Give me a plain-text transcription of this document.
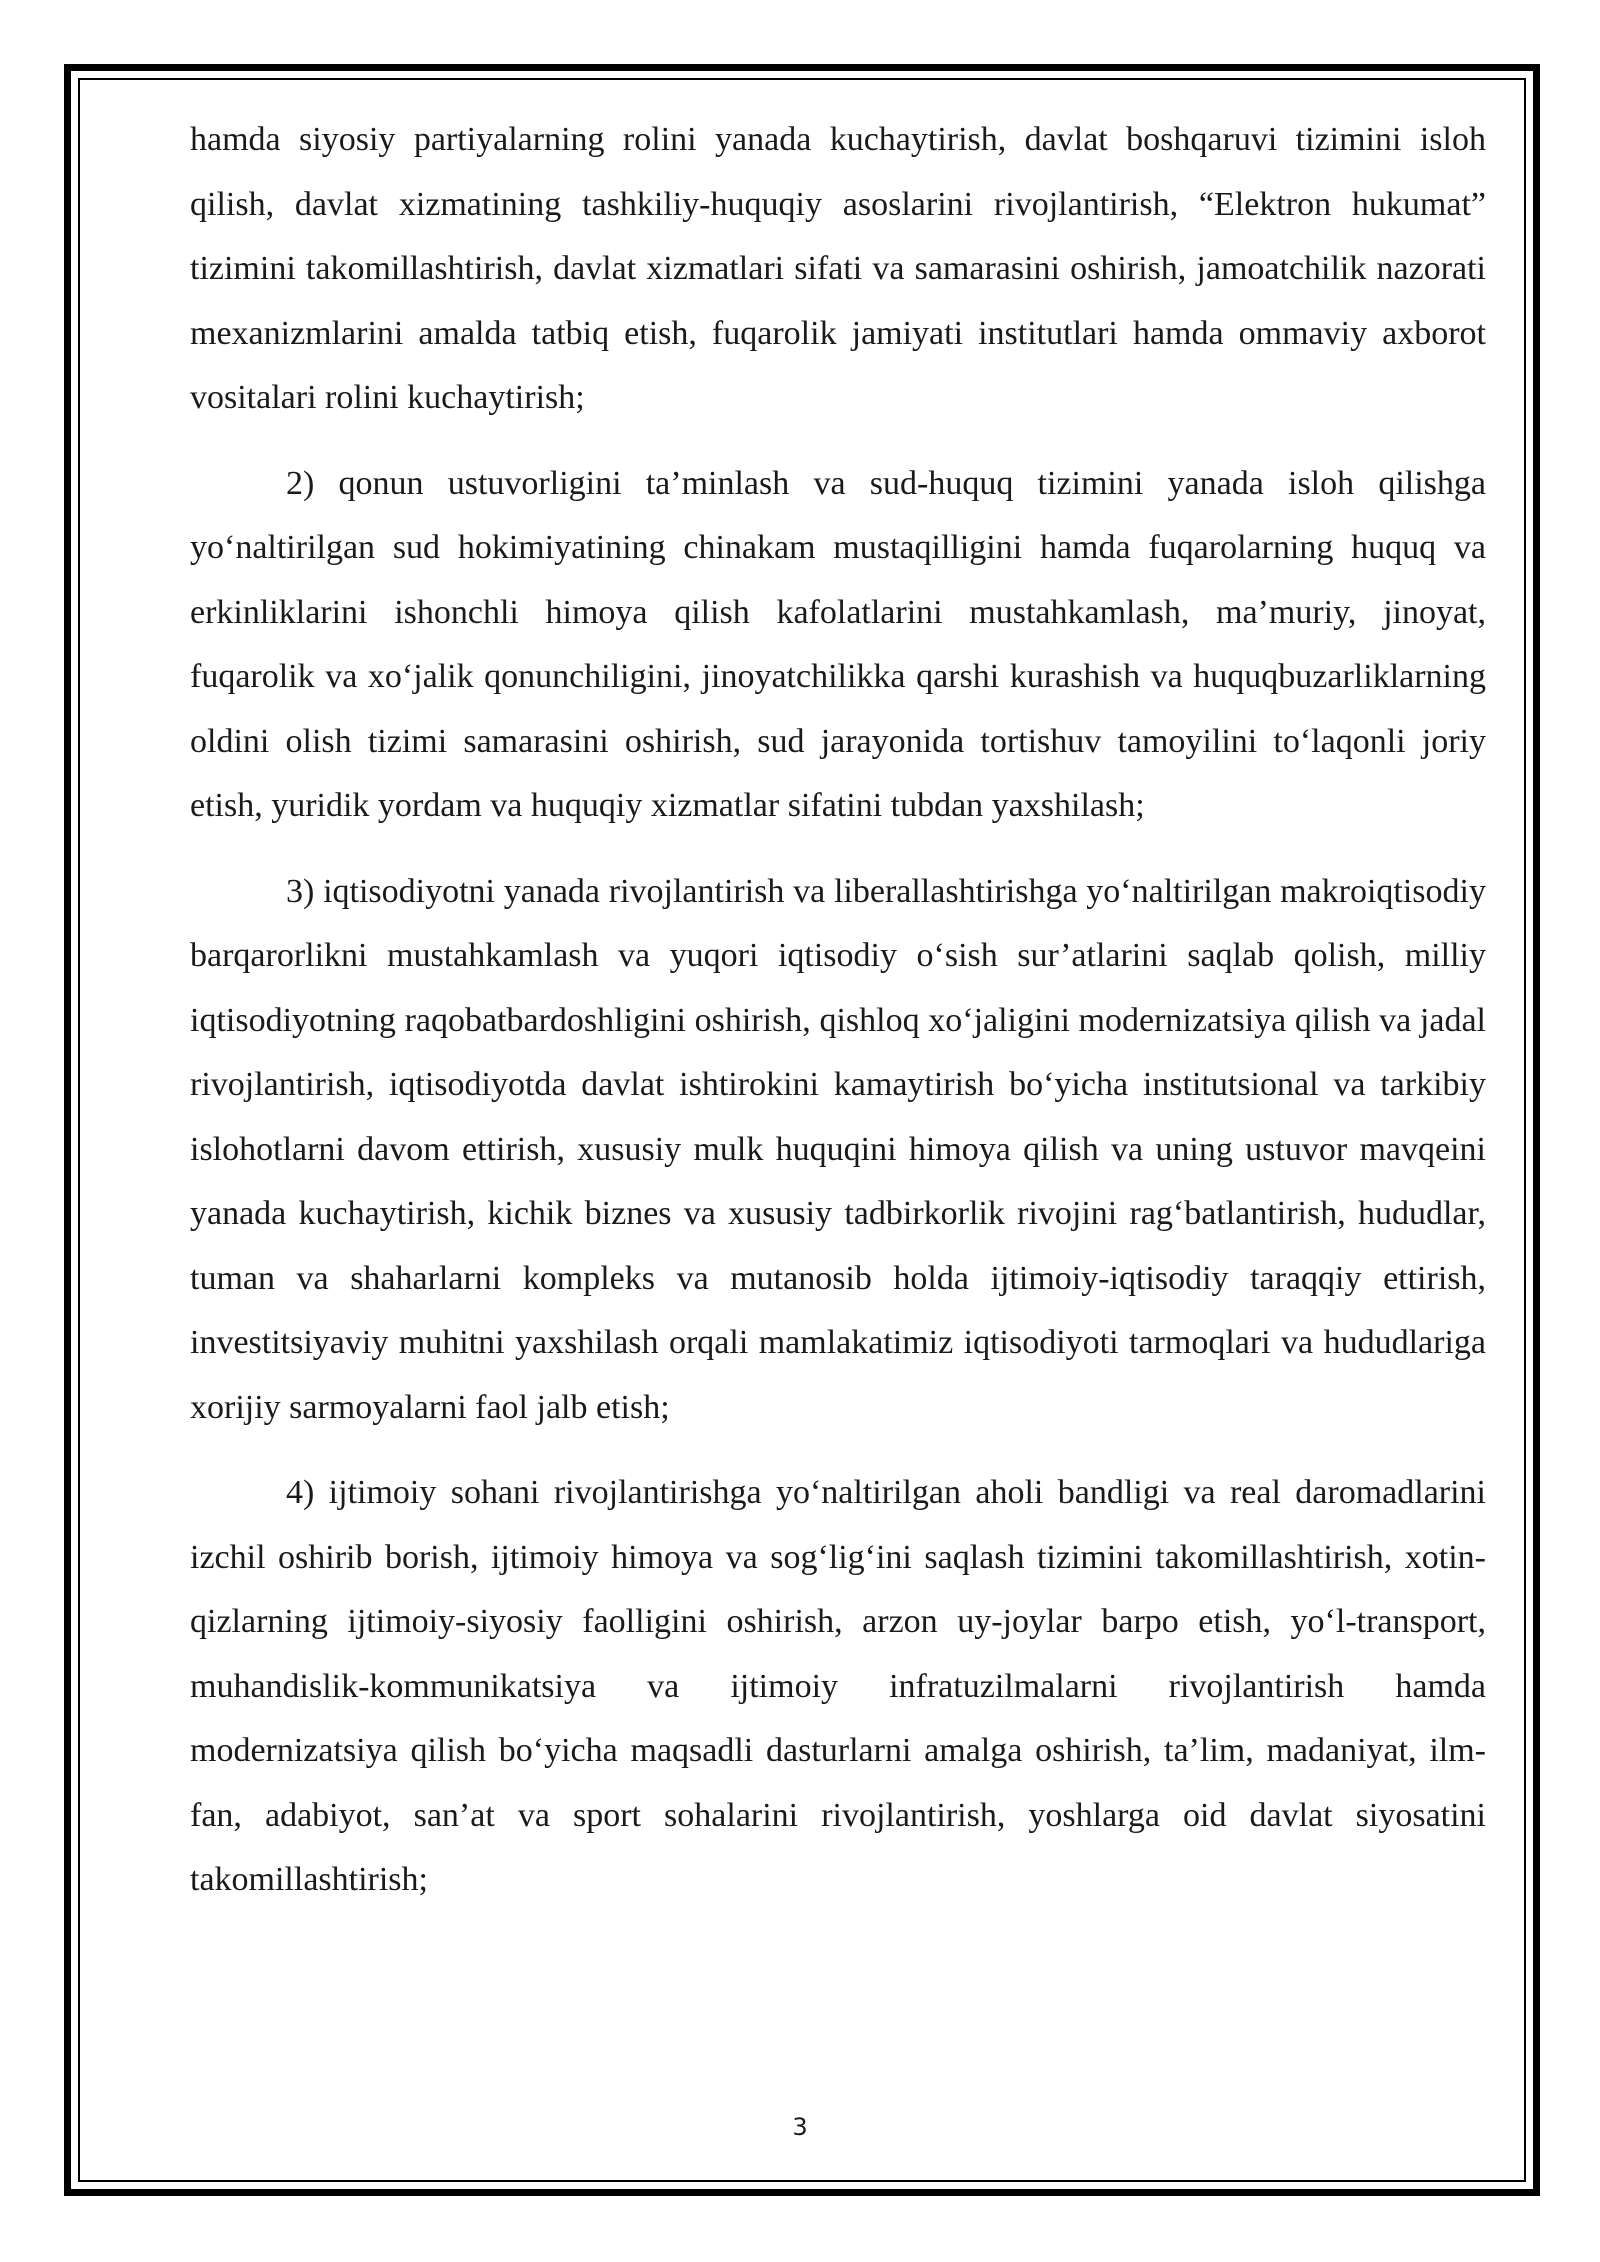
hamda siyosiy partiyalarning rolini yanada kuchaytirish, davlat boshqaruvi tizimini isloh qilish, davlat xizmatining tashkiliy-huquqiy asoslarini rivojlantirish, “Elektron hukumat” tizimini takomillashtirish, davlat xizmatlari sifati va samarasini oshirish, jamoatchilik nazorati mexanizmlarini amalda tatbiq etish, fuqarolik jamiyati institutlari hamda ommaviy axborot vositalari rolini kuchaytirish;

2) qonun ustuvorligini ta’minlash va sud-huquq tizimini yanada isloh qilishga yo‘naltirilgan sud hokimiyatining chinakam mustaqilligini hamda fuqarolarning huquq va erkinliklarini ishonchli himoya qilish kafolatlarini mustahkamlash, ma’muriy, jinoyat, fuqarolik va xo‘jalik qonunchiligini, jinoyatchilikka qarshi kurashish va huquqbuzarliklarning oldini olish tizimi samarasini oshirish, sud jarayonida tortishuv tamoyilini to‘laqonli joriy etish, yuridik yordam va huquqiy xizmatlar sifatini tubdan yaxshilash;

3) iqtisodiyotni yanada rivojlantirish va liberallashtirishga yo‘naltirilgan makroiqtisodiy barqarorlikni mustahkamlash va yuqori iqtisodiy o‘sish sur’atlarini saqlab qolish, milliy iqtisodiyotning raqobatbardoshligini oshirish, qishloq xo‘jaligini modernizatsiya qilish va jadal rivojlantirish, iqtisodiyotda davlat ishtirokini kamaytirish bo‘yicha institutsional va tarkibiy islohotlarni davom ettirish, xususiy mulk huquqini himoya qilish va uning ustuvor mavqeini yanada kuchaytirish, kichik biznes va xususiy tadbirkorlik rivojini rag‘batlantirish, hududlar, tuman va shaharlarni kompleks va mutanosib holda ijtimoiy-iqtisodiy taraqqiy ettirish, investitsiyaviy muhitni yaxshilash orqali mamlakatimiz iqtisodiyoti tarmoqlari va hududlariga xorijiy sarmoyalarni faol jalb etish;

4) ijtimoiy sohani rivojlantirishga yo‘naltirilgan aholi bandligi va real daromadlarini izchil oshirib borish, ijtimoiy himoya va sog‘lig‘ini saqlash tizimini takomillashtirish, xotin-qizlarning ijtimoiy-siyosiy faolligini oshirish, arzon uy-joylar barpo etish, yo‘l-transport, muhandislik-kommunikatsiya va ijtimoiy infratuzilmalarni rivojlantirish hamda modernizatsiya qilish bo‘yicha maqsadli dasturlarni amalga oshirish, ta’lim, madaniyat, ilm-fan, adabiyot, san’at va sport sohalarini rivojlantirish, yoshlarga oid davlat siyosatini takomillashtirish;

3
